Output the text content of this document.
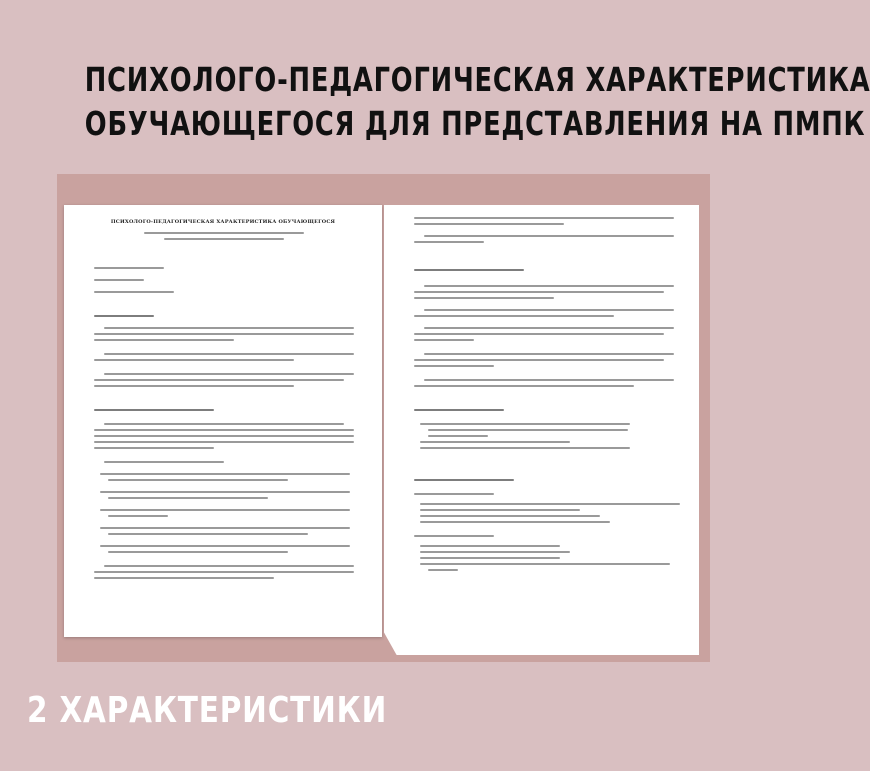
ПСИХОЛОГО-ПЕДАГОГИЧЕСКАЯ ХАРАКТЕРИСТИКА
ОБУЧАЮЩЕГОСЯ ДЛЯ ПРЕДСТАВЛЕНИЯ НА ПМПК
ПСИХОЛОГО-ПЕДАГОГИЧЕСКАЯ ХАРАКТЕРИСТИКА ОБУЧАЮЩЕГОСЯ
2 ХАРАКТЕРИСТИКИ
